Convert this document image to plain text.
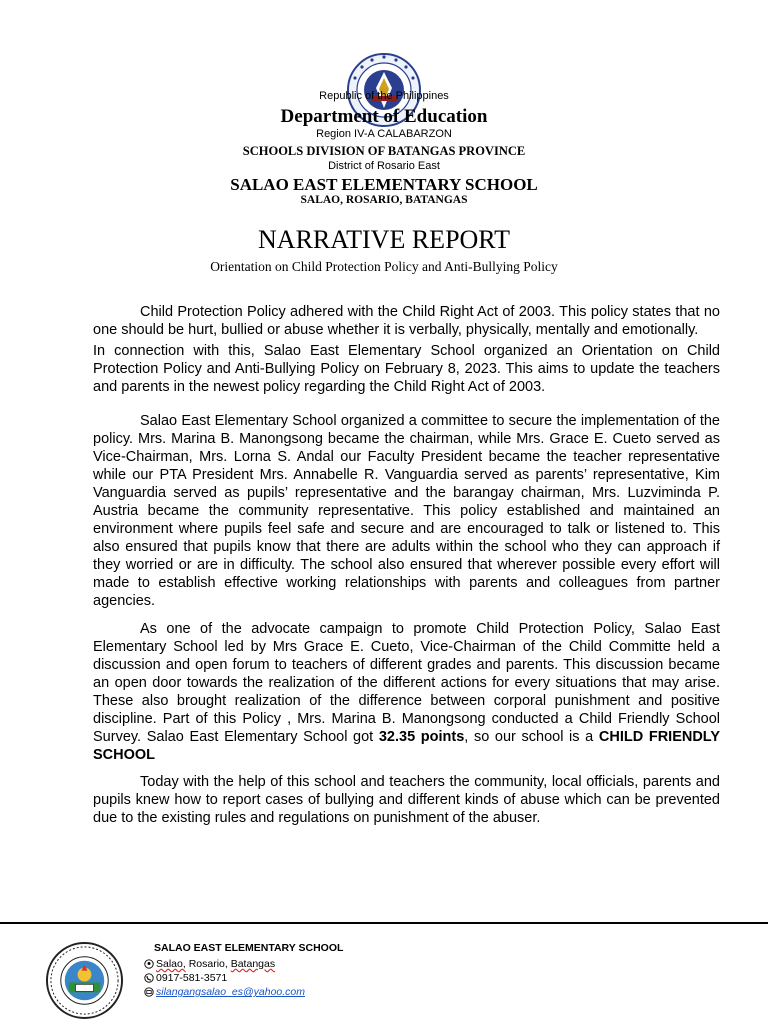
Republic of the Philippines
Department of Education
Region IV-A CALABARZON
SCHOOLS DIVISION OF BATANGAS PROVINCE
District of Rosario East
SALAO EAST ELEMENTARY SCHOOL
SALAO, ROSARIO, BATANGAS
NARRATIVE REPORT
Orientation on Child Protection Policy and Anti-Bullying Policy

Child Protection Policy adhered with the Child Right Act of 2003. This policy states that no one should be hurt, bullied or abuse whether it is verbally, physically, mentally and emotionally.

In connection with this, Salao East Elementary School organized an Orientation on Child Protection Policy and Anti-Bullying Policy on February 8, 2023. This aims to update the teachers and parents in the newest policy regarding the Child Right Act of 2003.

Salao East Elementary School organized a committee to secure the implementation of the policy. Mrs. Marina B. Manongsong became the chairman, while Mrs. Grace E. Cueto served as Vice-Chairman, Mrs. Lorna S. Andal our Faculty President became the teacher representative while our PTA President Mrs. Annabelle R. Vanguardia served as parents’ representative, Kim Vanguardia served as pupils’ representative and the barangay chairman, Mrs. Luzviminda P. Austria became the community representative. This policy established and maintained an environment where pupils feel safe and secure and are encouraged to talk or listened to. This also ensured that pupils know that there are adults within the school who they can approach if they worried or are in difficulty. The school also ensured that wherever possible every effort will made to establish effective working relationships with parents and colleagues from partner agencies.

As one of the advocate campaign to promote Child Protection Policy, Salao East Elementary School led by Mrs Grace E. Cueto, Vice-Chairman of the Child Committe held a discussion and open forum to teachers of different grades and parents. This discussion became an open door towards the realization of the different actions for every situations that may arise. These also brought realization of the difference between corporal punishment and positive discipline. Part of this Policy , Mrs. Marina B. Manongsong conducted a Child Friendly School Survey. Salao East Elementary School got 32.35 points, so our school is a CHILD FRIENDLY SCHOOL

Today with the help of this school and teachers the community, local officials, parents and pupils knew how to report cases of bullying and different kinds of abuse which can be prevented due to the existing rules and regulations on punishment of the abuser.

SALAO EAST ELEMENTARY SCHOOL
Salao, Rosario, Batangas
0917-581-3571
silangangsalao_es@yahoo.com
